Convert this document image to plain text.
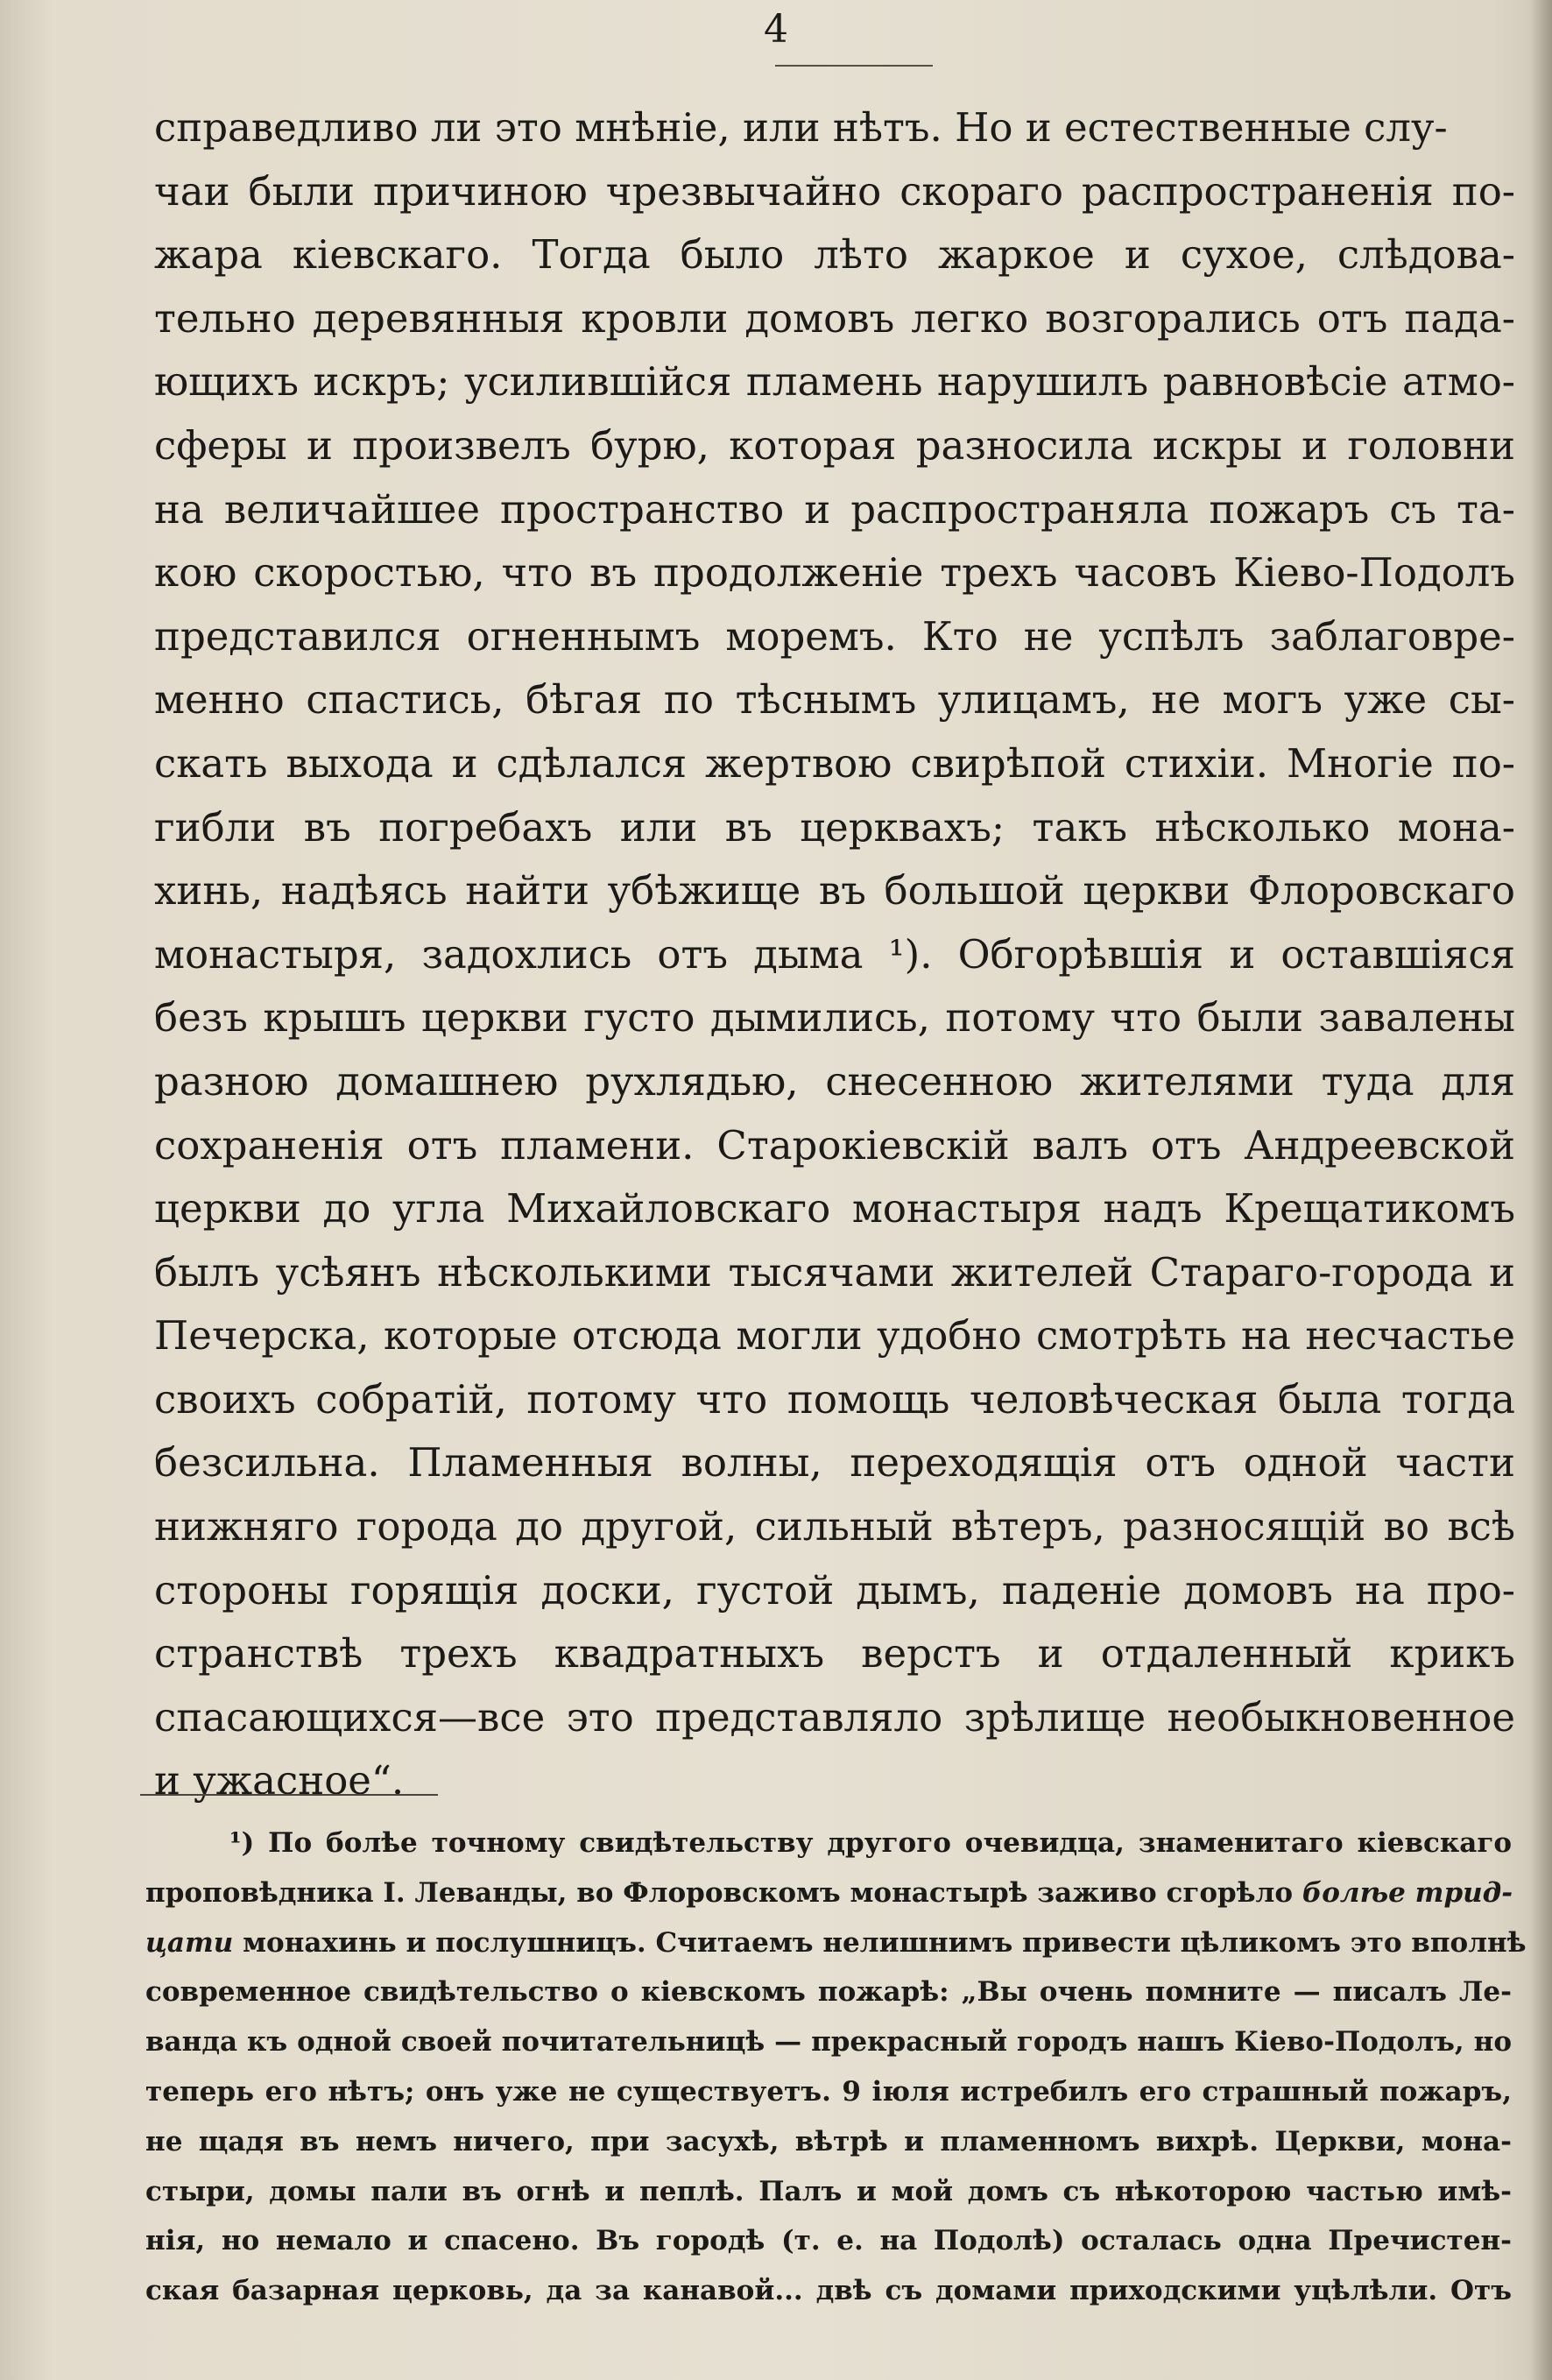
4
справедливо ли это мнѣніе, или нѣтъ. Но и естественные слу-
чаи были причиною чрезвычайно скораго распространенія по-
жара кіевскаго. Тогда было лѣто жаркое и сухое, слѣдова-
тельно деревянныя кровли домовъ легко возгорались отъ пада-
ющихъ искръ; усилившійся пламень нарушилъ равновѣсіе атмо-
сферы и произвелъ бурю, которая разносила искры и головни
на величайшее пространство и распространяла пожаръ съ та-
кою скоростью, что въ продолженіе трехъ часовъ Кіево-Подолъ
представился огненнымъ моремъ. Кто не успѣлъ заблаговре-
менно спастись, бѣгая по тѣснымъ улицамъ, не могъ уже сы-
скать выхода и сдѣлался жертвою свирѣпой стихіи. Многіе по-
гибли въ погребахъ или въ церквахъ; такъ нѣсколько мона-
хинь, надѣясь найти убѣжище въ большой церкви Флоровскаго
монастыря, задохлись отъ дыма ¹). Обгорѣвшія и оставшіяся
безъ крышъ церкви густо дымились, потому что были завалены
разною домашнею рухлядью, снесенною жителями туда для
сохраненія отъ пламени. Старокіевскій валъ отъ Андреевской
церкви до угла Михайловскаго монастыря надъ Крещатикомъ
былъ усѣянъ нѣсколькими тысячами жителей Стараго-города и
Печерска, которые отсюда могли удобно смотрѣть на несчастье
своихъ собратій, потому что помощь человѣческая была тогда
безсильна. Пламенныя волны, переходящія отъ одной части
нижняго города до другой, сильный вѣтеръ, разносящій во всѣ
стороны горящія доски, густой дымъ, паденіе домовъ на про-
странствѣ трехъ квадратныхъ верстъ и отдаленный крикъ
спасающихся—все это представляло зрѣлище необыкновенное
и ужасное“.
¹) По болѣе точному свидѣтельству другого очевидца, знаменитаго кіевскаго
проповѣдника І. Леванды, во Флоровскомъ монастырѣ заживо сгорѣло болѣе трид-
цати монахинь и послушницъ. Считаемъ нелишнимъ привести цѣликомъ это вполнѣ
современное свидѣтельство о кіевскомъ пожарѣ: „Вы очень помните — писалъ Ле-
ванда къ одной своей почитательницѣ — прекрасный городъ нашъ Кіево-Подолъ, но
теперь его нѣтъ; онъ уже не существуетъ. 9 іюля истребилъ его страшный пожаръ,
не щадя въ немъ ничего, при засухѣ, вѣтрѣ и пламенномъ вихрѣ. Церкви, мона-
стыри, домы пали въ огнѣ и пеплѣ. Палъ и мой домъ съ нѣкоторою частью имѣ-
нія, но немало и спасено. Въ городѣ (т. е. на Подолѣ) осталась одна Пречистен-
ская базарная церковь, да за канавой... двѣ съ домами приходскими уцѣлѣли. Отъ
